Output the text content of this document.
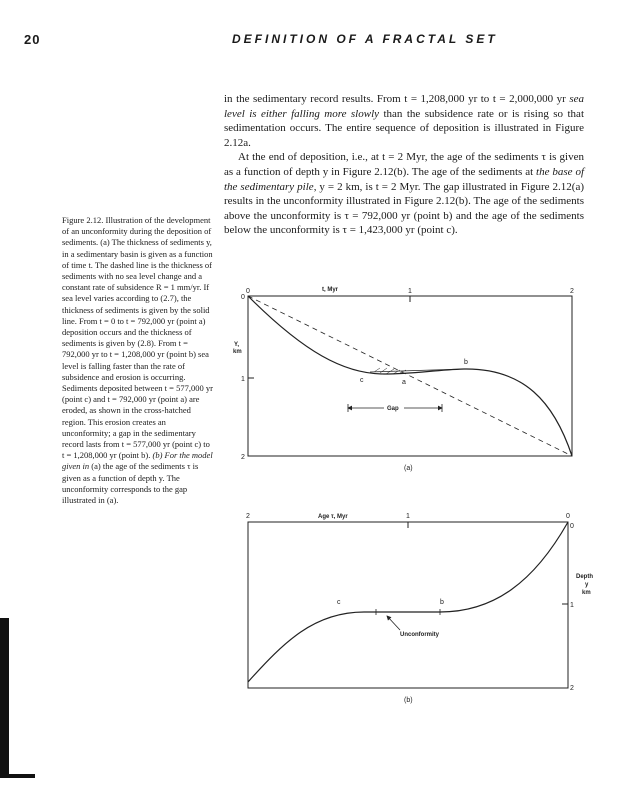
20	DEFINITION OF A FRACTAL SET

in the sedimentary record results. From t = 1,208,000 yr to t = 2,000,000 yr sea level is either falling more slowly than the subsidence rate or is rising so that sedimentation occurs. The entire sequence of deposition is illustrated in Figure 2.12a.

At the end of deposition, i.e., at t = 2 Myr, the age of the sediments τ is given as a function of depth y in Figure 2.12(b). The age of the sediments at the base of the sedimentary pile, y = 2 km, is t = 2 Myr. The gap illustrated in Figure 2.12(a) results in the unconformity illustrated in Figure 2.12(b). The age of the sediments above the unconformity is τ = 792,000 yr (point b) and the age of the sediments below the unconformity is τ = 1,423,000 yr (point c).

Figure 2.12. Illustration of the development of an unconformity during the deposition of sediments. (a) The thickness of sediments y, in a sedimentary basin is given as a function of time t. The dashed line is the thickness of sediments with no sea level change and a constant rate of subsidence R = 1 mm/yr. If sea level varies according to (2.7), the thickness of sediments is given by the solid line. From t = 0 to t = 792,000 yr (point a) deposition occurs and the thickness of sediments is given by (2.8). From t = 792,000 yr to t = 1,208,000 yr (point b) sea level is falling faster than the rate of subsidence and erosion is occurring. Sediments deposited between t = 577,000 yr (point c) and t = 792,000 yr (point a) are eroded, as shown in the cross-hatched region. This erosion creates an unconformity; a gap in the sedimentary record lasts from t = 577,000 yr (point c) to t = 1,208,000 yr (point b). (b) For the model given in (a) the age of the sediments τ is given as a function of depth y. The unconformity corresponds to the gap illustrated in (a).

t, Myr
0	1	2
Y,
km
0
1
2
c	a
b
Gap
(a)
Age τ, Myr
2	1	0
0
1
2
Depth
y
km
c	b
Unconformity
(b)
